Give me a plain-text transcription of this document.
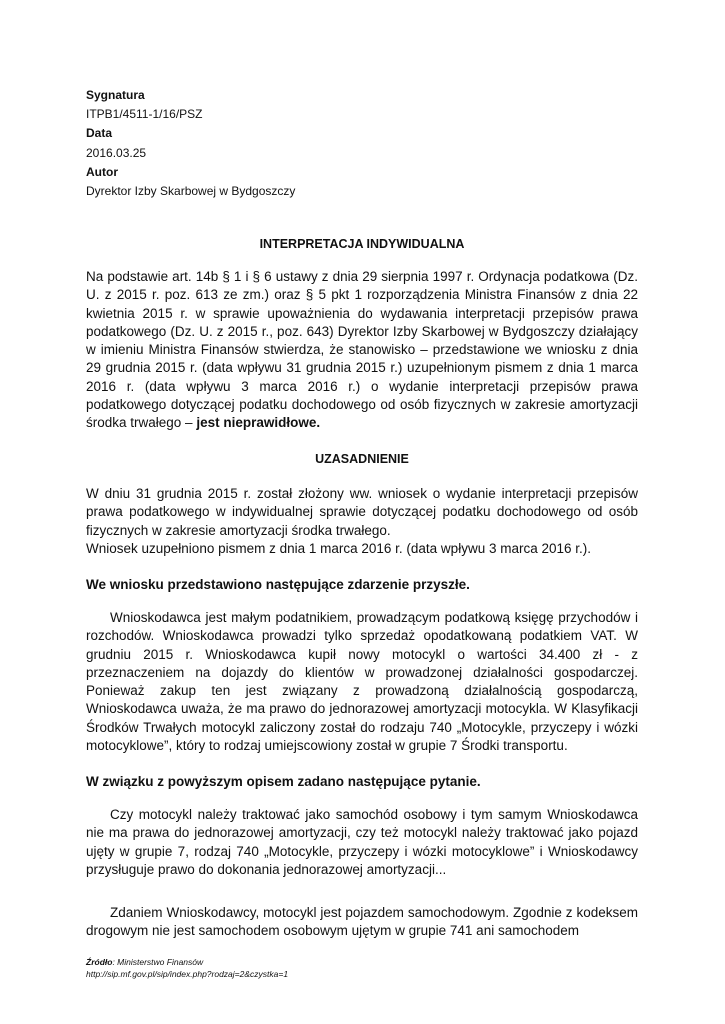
Sygnatura
ITPB1/4511-1/16/PSZ
Data
2016.03.25
Autor
Dyrektor Izby Skarbowej w Bydgoszczy
INTERPRETACJA INDYWIDUALNA
Na podstawie art. 14b § 1 i § 6 ustawy z dnia 29 sierpnia 1997 r. Ordynacja podatkowa (Dz. U. z 2015 r. poz. 613 ze zm.) oraz § 5 pkt 1 rozporządzenia Ministra Finansów z dnia 22 kwietnia 2015 r. w sprawie upoważnienia do wydawania interpretacji przepisów prawa podatkowego (Dz. U. z 2015 r., poz. 643) Dyrektor Izby Skarbowej w Bydgoszczy działający w imieniu Ministra Finansów stwierdza, że stanowisko – przedstawione we wniosku z dnia 29 grudnia 2015 r. (data wpływu 31 grudnia 2015 r.) uzupełnionym pismem z dnia 1 marca 2016 r. (data wpływu 3 marca 2016 r.) o wydanie interpretacji przepisów prawa podatkowego dotyczącej podatku dochodowego od osób fizycznych w zakresie amortyzacji środka trwałego – jest nieprawidłowe.
UZASADNIENIE
W dniu 31 grudnia 2015 r. został złożony ww. wniosek o wydanie interpretacji przepisów prawa podatkowego w indywidualnej sprawie dotyczącej podatku dochodowego od osób fizycznych w zakresie amortyzacji środka trwałego.
Wniosek uzupełniono pismem z dnia 1 marca 2016 r. (data wpływu 3 marca 2016 r.).
We wniosku przedstawiono następujące zdarzenie przyszłe.
Wnioskodawca jest małym podatnikiem, prowadzącym podatkową księgę przychodów i rozchodów. Wnioskodawca prowadzi tylko sprzedaż opodatkowaną podatkiem VAT. W grudniu 2015 r. Wnioskodawca kupił nowy motocykl o wartości 34.400 zł - z przeznaczeniem na dojazdy do klientów w prowadzonej działalności gospodarczej. Ponieważ zakup ten jest związany z prowadzoną działalnością gospodarczą, Wnioskodawca uważa, że ma prawo do jednorazowej amortyzacji motocykla. W Klasyfikacji Środków Trwałych motocykl zaliczony został do rodzaju 740 „Motocykle, przyczepy i wózki motocyklowe”, który to rodzaj umiejscowiony został w grupie 7 Środki transportu.
W związku z powyższym opisem zadano następujące pytanie.
Czy motocykl należy traktować jako samochód osobowy i tym samym Wnioskodawca nie ma prawa do jednorazowej amortyzacji, czy też motocykl należy traktować jako pojazd ujęty w grupie 7, rodzaj 740 „Motocykle, przyczepy i wózki motocyklowe” i Wnioskodawcy przysługuje prawo do dokonania jednorazowej amortyzacji...
Zdaniem Wnioskodawcy, motocykl jest pojazdem samochodowym. Zgodnie z kodeksem drogowym nie jest samochodem osobowym ujętym w grupie 741 ani samochodem
Źródło: Ministerstwo Finansów
http://sip.mf.gov.pl/sip/index.php?rodzaj=2&czystka=1
